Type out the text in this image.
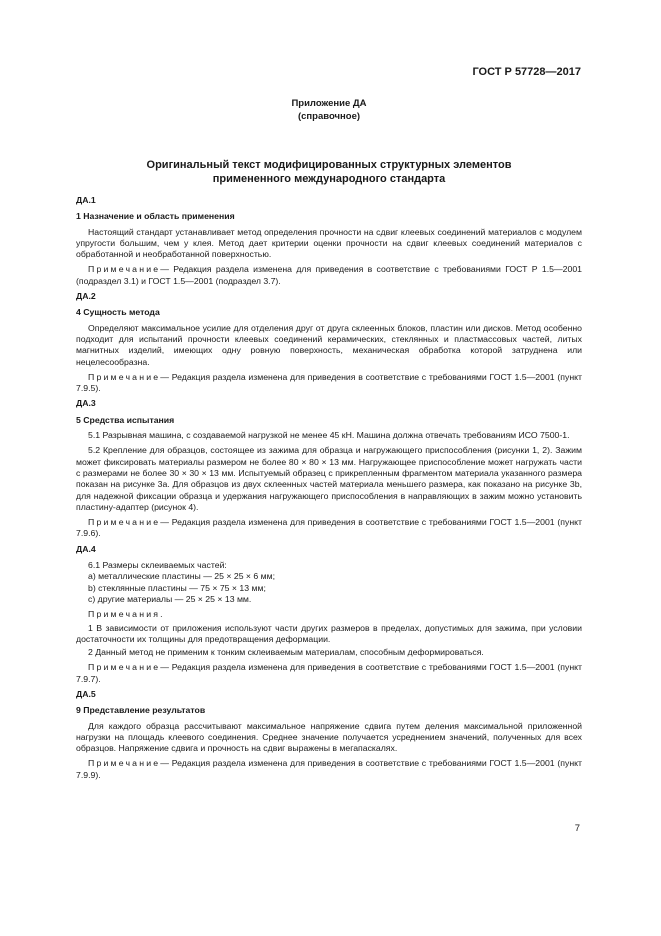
ГОСТ Р 57728—2017
Приложение ДА
(справочное)
Оригинальный текст модифицированных структурных элементов
примененного международного стандарта
ДА.1
1 Назначение и область применения
Настоящий стандарт устанавливает метод определения прочности на сдвиг клеевых соединений материалов с модулем упругости большим, чем у клея. Метод дает критерии оценки прочности на сдвиг клеевых соединений материалов с обработанной и необработанной поверхностью.
Примечание— Редакция раздела изменена для приведения в соответствие с требованиями ГОСТ Р 1.5—2001 (подраздел 3.1) и ГОСТ 1.5—2001 (подраздел 3.7).
ДА.2
4 Сущность метода
Определяют максимальное усилие для отделения друг от друга склеенных блоков, пластин или дисков. Метод особенно подходит для испытаний прочности клеевых соединений керамических, стеклянных и пластмассовых частей, литых магнитных изделий, имеющих одну ровную поверхность, механическая обработка которой затруднена или нецелесообразна.
Примечание— Редакция раздела изменена для приведения в соответствие с требованиями ГОСТ 1.5—2001 (пункт 7.9.5).
ДА.3
5 Средства испытания
5.1 Разрывная машина, с создаваемой нагрузкой не менее 45 кН. Машина должна отвечать требованиям ИСО 7500-1.
5.2 Крепление для образцов, состоящее из зажима для образца и нагружающего приспособления (рисунки 1, 2). Зажим может фиксировать материалы размером не более 80 × 80 × 13 мм. Нагружающее приспособление может нагружать части с размерами не более 30 × 30 × 13 мм. Испытуемый образец с прикрепленным фрагментом материала указанного размера показан на рисунке 3a. Для образцов из двух склеенных частей материала меньшего размера, как показано на рисунке 3b, для надежной фиксации образца и удержания нагружающего приспособления в направляющих в зажим можно установить пластину-адаптер (рисунок 4).
Примечание— Редакция раздела изменена для приведения в соответствие с требованиями ГОСТ 1.5—2001 (пункт 7.9.6).
ДА.4
6.1 Размеры склеиваемых частей:
а) металлические пластины — 25 × 25 × 6 мм;
b) стеклянные пластины — 75 × 75 × 13 мм;
с) другие материалы — 25 × 25 × 13 мм.
Примечания.
1 В зависимости от приложения используют части других размеров в пределах, допустимых для зажима, при условии достаточности их толщины для предотвращения деформации.
2 Данный метод не применим к тонким склеиваемым материалам, способным деформироваться.
Примечание— Редакция раздела изменена для приведения в соответствие с требованиями ГОСТ 1.5—2001 (пункт 7.9.7).
ДА.5
9 Представление результатов
Для каждого образца рассчитывают максимальное напряжение сдвига путем деления максимальной приложенной нагрузки на площадь клеевого соединения. Среднее значение получается усреднением значений, полученных для всех образцов. Напряжение сдвига и прочность на сдвиг выражены в мегапаскалях.
Примечание— Редакция раздела изменена для приведения в соответствие с требованиями ГОСТ 1.5—2001 (пункт 7.9.9).
7
